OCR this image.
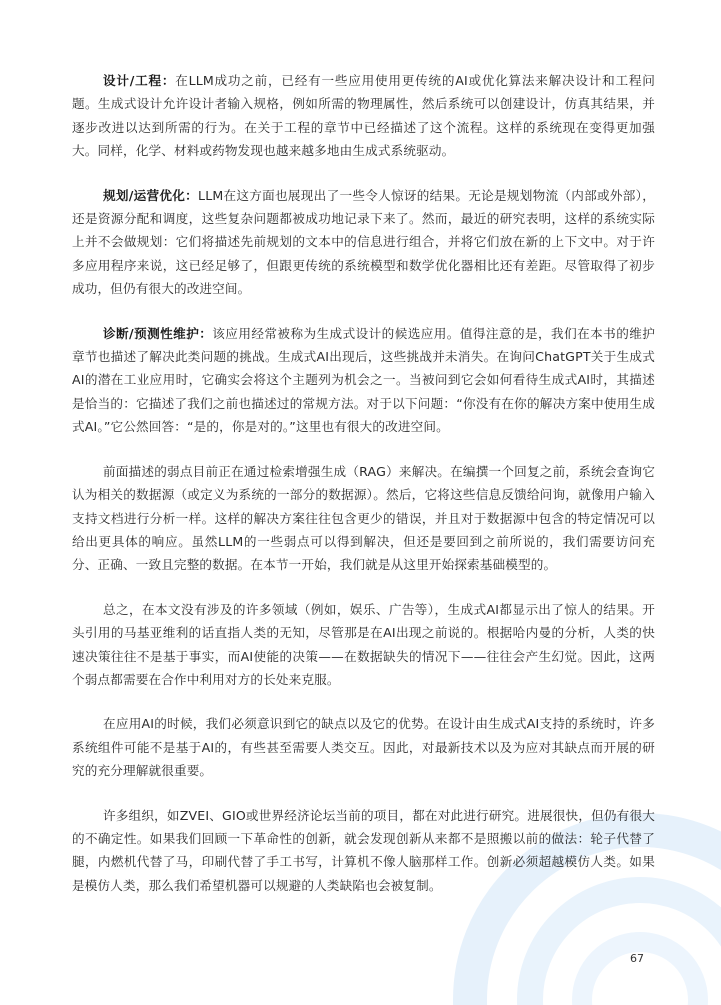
设计/工程：在LLM成功之前，已经有一些应用使用更传统的AI或优化算法来解决设计和工程问题。生成式设计允许设计者输入规格，例如所需的物理属性，然后系统可以创建设计，仿真其结果，并逐步改进以达到所需的行为。在关于工程的章节中已经描述了这个流程。这样的系统现在变得更加强大。同样，化学、材料或药物发现也越来越多地由生成式系统驱动。

规划/运营优化：LLM在这方面也展现出了一些令人惊讶的结果。无论是规划物流（内部或外部），还是资源分配和调度，这些复杂问题都被成功地记录下来了。然而，最近的研究表明，这样的系统实际上并不会做规划：它们将描述先前规划的文本中的信息进行组合，并将它们放在新的上下文中。对于许多应用程序来说，这已经足够了，但跟更传统的系统模型和数学优化器相比还有差距。尽管取得了初步成功，但仍有很大的改进空间。

诊断/预测性维护：该应用经常被称为生成式设计的候选应用。值得注意的是，我们在本书的维护章节也描述了解决此类问题的挑战。生成式AI出现后，这些挑战并未消失。在询问ChatGPT关于生成式AI的潜在工业应用时，它确实会将这个主题列为机会之一。当被问到它会如何看待生成式AI时，其描述是恰当的：它描述了我们之前也描述过的常规方法。对于以下问题：“你没有在你的解决方案中使用生成式AI。”它公然回答：“是的，你是对的。”这里也有很大的改进空间。

前面描述的弱点目前正在通过检索增强生成（RAG）来解决。在编撰一个回复之前，系统会查询它认为相关的数据源（或定义为系统的一部分的数据源）。然后，它将这些信息反馈给问询，就像用户输入支持文档进行分析一样。这样的解决方案往往包含更少的错误，并且对于数据源中包含的特定情况可以给出更具体的响应。虽然LLM的一些弱点可以得到解决，但还是要回到之前所说的，我们需要访问充分、正确、一致且完整的数据。在本节一开始，我们就是从这里开始探索基础模型的。

总之，在本文没有涉及的许多领域（例如，娱乐、广告等），生成式AI都显示出了惊人的结果。开头引用的马基亚维利的话直指人类的无知，尽管那是在AI出现之前说的。根据哈内曼的分析，人类的快速决策往往不是基于事实，而AI使能的决策——在数据缺失的情况下——往往会产生幻觉。因此，这两个弱点都需要在合作中利用对方的长处来克服。

在应用AI的时候，我们必须意识到它的缺点以及它的优势。在设计由生成式AI支持的系统时，许多系统组件可能不是基于AI的，有些甚至需要人类交互。因此，对最新技术以及为应对其缺点而开展的研究的充分理解就很重要。

许多组织，如ZVEI、GIO或世界经济论坛当前的项目，都在对此进行研究。进展很快，但仍有很大的不确定性。如果我们回顾一下革命性的创新，就会发现创新从来都不是照搬以前的做法：轮子代替了腿，内燃机代替了马，印刷代替了手工书写，计算机不像人脑那样工作。创新必须超越模仿人类。如果是模仿人类，那么我们希望机器可以规避的人类缺陷也会被复制。

67
